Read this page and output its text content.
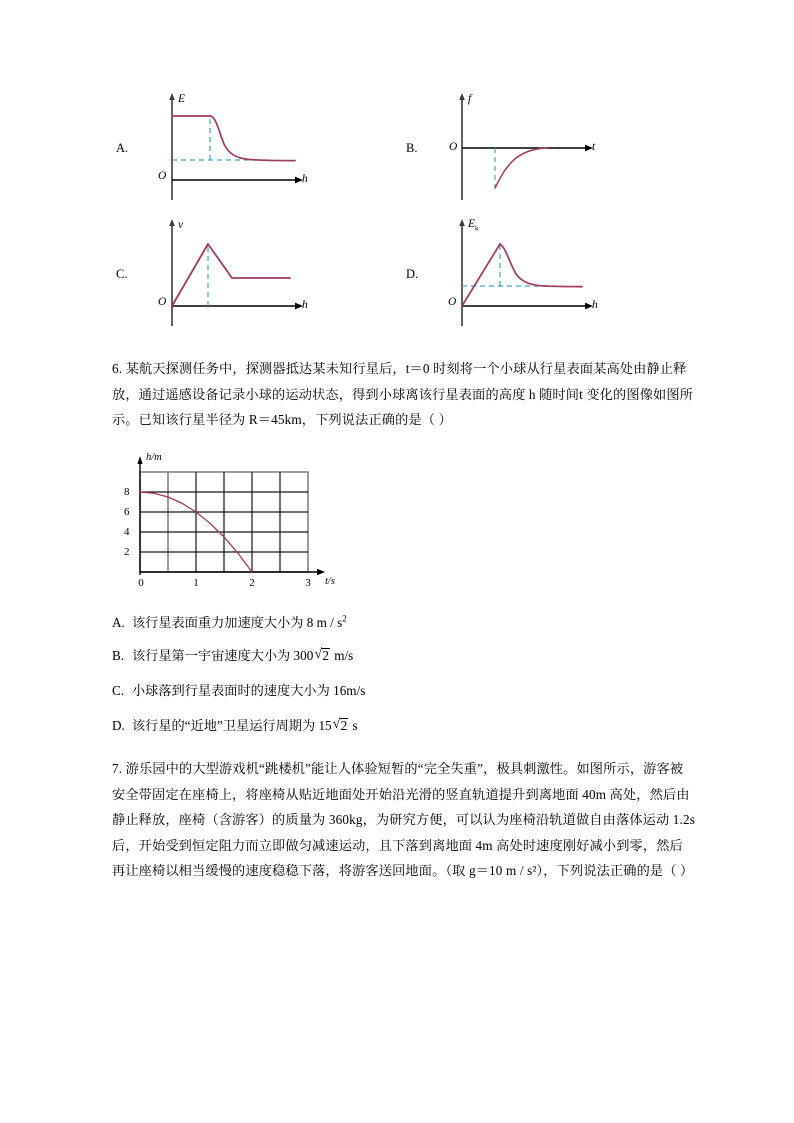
A.
E
h
O
B.
f
t
O
C.
v
h
O
D.
$E_k$
h
O
6. 某航天探测任务中，探测器抵达某未知行星后，t＝0 时刻将一个小球从行星表面某高处由静止释放，通过遥感设备记录小球的运动状态，得到小球离该行星表面的高度 h 随时间t 变化的图像如图所示。已知该行星半径为 R＝45km，下列说法正确的是（ ）
8
6
4
2
0	1	2	3
h/m
t/s
A. 该行星表面重力加速度大小为 8 m / $s^2$
B. 该行星第一宇宙速度大小为 300 √ 2 m/s
C. 小球落到行星表面时的速度大小为 16m/s
D. 该行星的“近地”卫星运行周期为 15 √ 2 s
7. 游乐园中的大型游戏机“跳楼机”能让人体验短暂的“完全失重”，极具刺激性。如图所示，游客被安全带固定在座椅上，将座椅从贴近地面处开始沿光滑的竖直轨道提升到离地面 40m 高处，然后由静止释放，座椅（含游客）的质量为 360kg，为研究方便，可以认为座椅沿轨道做自由落体运动 1.2s 后，开始受到恒定阻力而立即做匀减速运动，且下落到离地面 4m 高处时速度刚好减小到零，然后再让座椅以相当缓慢的速度稳稳下落，将游客送回地面。（取 g＝10 m / s²），下列说法正确的是（ ）
